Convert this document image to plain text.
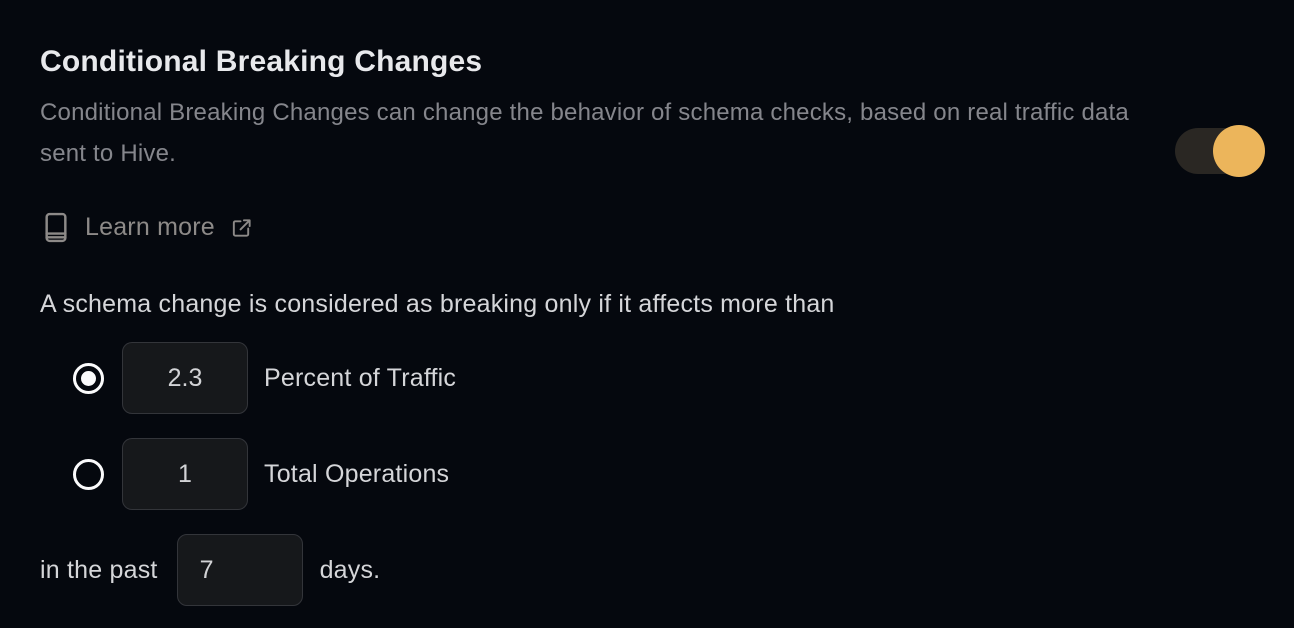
Conditional Breaking Changes
Conditional Breaking Changes can change the behavior of schema checks, based on real traffic data sent to Hive.
Learn more
A schema change is considered as breaking only if it affects more than
2.3
Percent of Traffic
1
Total Operations
in the past
7	days.
